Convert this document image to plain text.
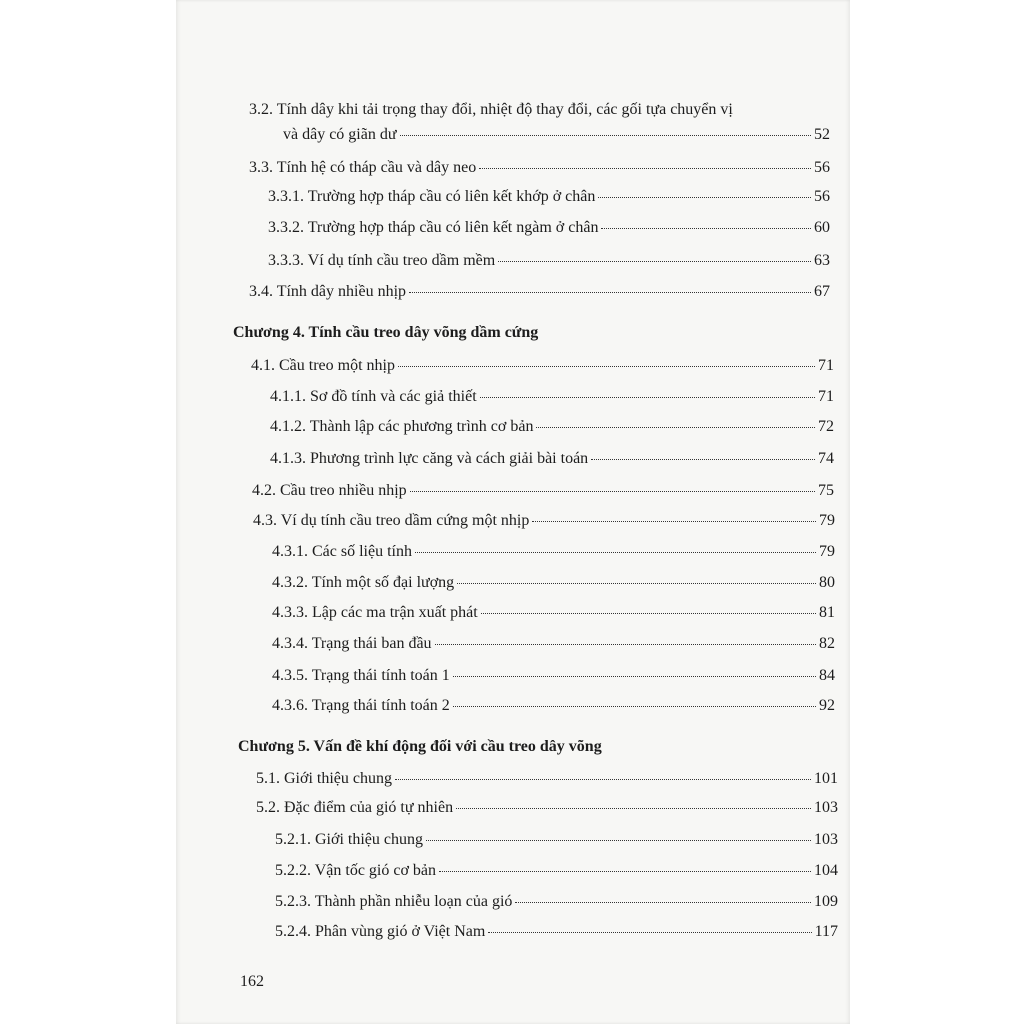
3.2. Tính dây khi tải trọng thay đổi, nhiệt độ thay đổi, các gối tựa chuyển vị
và dây có giãn dư	52
3.3. Tính hệ có tháp cầu và dây neo	56
3.3.1. Trường hợp tháp cầu có liên kết khớp ở chân	56
3.3.2. Trường hợp tháp cầu có liên kết ngàm ở chân	60
3.3.3. Ví dụ tính cầu treo dầm mềm	63
3.4. Tính dây nhiều nhịp	67
Chương 4. Tính cầu treo dây võng dầm cứng
4.1. Cầu treo một nhịp	71
4.1.1. Sơ đồ tính và các giả thiết	71
4.1.2. Thành lập các phương trình cơ bản	72
4.1.3. Phương trình lực căng và cách giải bài toán	74
4.2. Cầu treo nhiều nhịp	75
4.3. Ví dụ tính cầu treo dầm cứng một nhịp	79
4.3.1. Các số liệu tính	79
4.3.2. Tính một số đại lượng	80
4.3.3. Lập các ma trận xuất phát	81
4.3.4. Trạng thái ban đầu	82
4.3.5. Trạng thái tính toán 1	84
4.3.6. Trạng thái tính toán 2	92
Chương 5. Vấn đề khí động đối với cầu treo dây võng
5.1. Giới thiệu chung	101
5.2. Đặc điểm của gió tự nhiên	103
5.2.1. Giới thiệu chung	103
5.2.2. Vận tốc gió cơ bản	104
5.2.3. Thành phần nhiễu loạn của gió	109
5.2.4. Phân vùng gió ở Việt Nam	117
162
